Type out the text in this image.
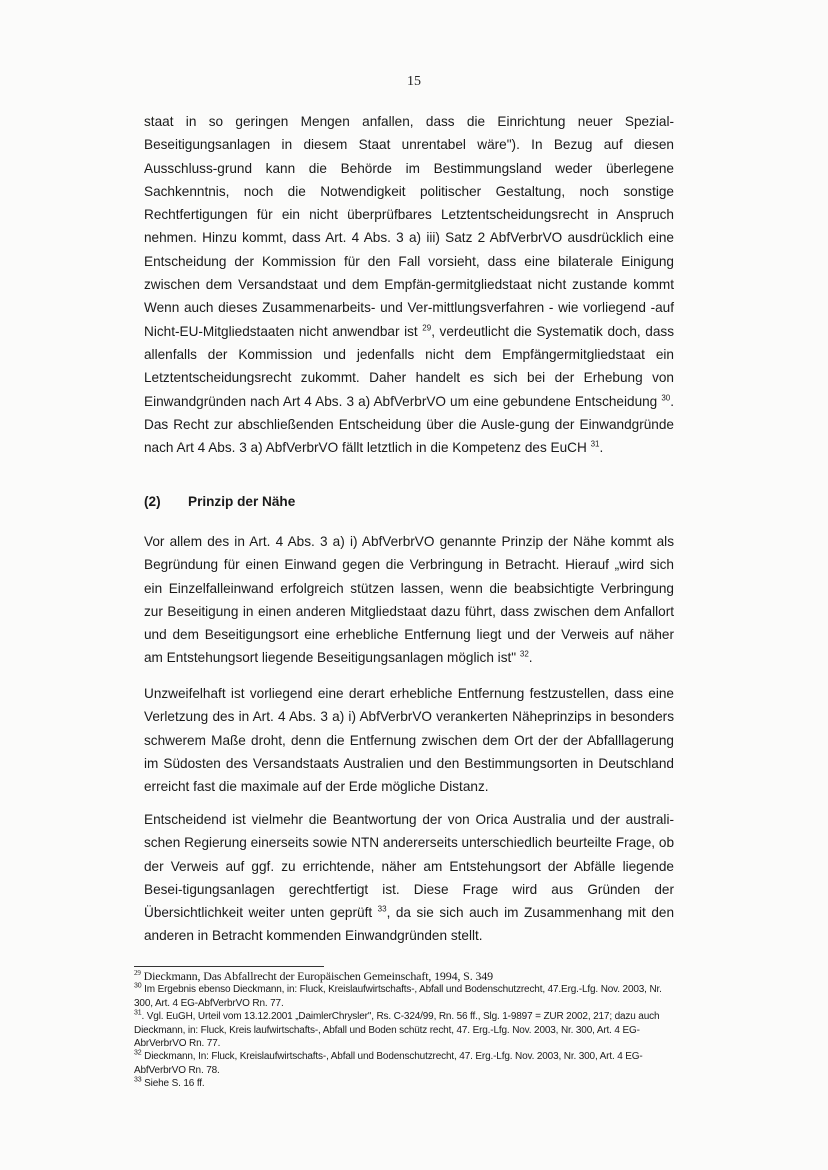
15

staat in so geringen Mengen anfallen, dass die Einrichtung neuer Spezial-Beseitigungsanlagen in diesem Staat unrentabel wäre"). In Bezug auf diesen Ausschluss-grund kann die Behörde im Bestimmungsland weder überlegene Sachkenntnis, noch die Notwendigkeit politischer Gestaltung, noch sonstige Rechtfertigungen für ein nicht überprüfbares Letztentscheidungsrecht in Anspruch nehmen. Hinzu kommt, dass Art. 4 Abs. 3 a) iii) Satz 2 AbfVerbrVO ausdrücklich eine Entscheidung der Kommission für den Fall vorsieht, dass eine bilaterale Einigung zwischen dem Versandstaat und dem Empfän-germitgliedstaat nicht zustande kommt Wenn auch dieses Zusammenarbeits- und Ver-mittlungsverfahren - wie vorliegend -auf Nicht-EU-Mitgliedstaaten nicht anwendbar ist $^{29}$, verdeutlicht die Systematik doch, dass allenfalls der Kommission und jedenfalls nicht dem Empfängermitgliedstaat ein Letztentscheidungsrecht zukommt. Daher handelt es sich bei der Erhebung von Einwandgründen nach Art 4 Abs. 3 a) AbfVerbrVO um eine gebundene Entscheidung $^{30}$. Das Recht zur abschließenden Entscheidung über die Ausle-gung der Einwandgründe nach Art 4 Abs. 3 a) AbfVerbrVO fällt letztlich in die Kompetenz des EuCH $^{31}$.

(2) Prinzip der Nähe

Vor allem des in Art. 4 Abs. 3 a) i) AbfVerbrVO genannte Prinzip der Nähe kommt als Begründung für einen Einwand gegen die Verbringung in Betracht. Hierauf „wird sich ein Einzelfalleinwand erfolgreich stützen lassen, wenn die beabsichtigte Verbringung zur Beseitigung in einen anderen Mitgliedstaat dazu führt, dass zwischen dem Anfallort und dem Beseitigungsort eine erhebliche Entfernung liegt und der Verweis auf näher am Entstehungsort liegende Beseitigungsanlagen möglich ist" $^{32}$.

Unzweifelhaft ist vorliegend eine derart erhebliche Entfernung festzustellen, dass eine Verletzung des in Art. 4 Abs. 3 a) i) AbfVerbrVO verankerten Näheprinzips in besonders schwerem Maße droht, denn die Entfernung zwischen dem Ort der der Abfalllagerung im Südosten des Versandstaats Australien und den Bestimmungsorten in Deutschland erreicht fast die maximale auf der Erde mögliche Distanz.

Entscheidend ist vielmehr die Beantwortung der von Orica Australia und der australi-schen Regierung einerseits sowie NTN andererseits unterschiedlich beurteilte Frage, ob der Verweis auf ggf. zu errichtende, näher am Entstehungsort der Abfälle liegende Besei-tigungsanlagen gerechtfertigt ist. Diese Frage wird aus Gründen der Übersichtlichkeit weiter unten geprüft $^{33}$, da sie sich auch im Zusammenhang mit den anderen in Betracht kommenden Einwandgründen stellt.

$^{29}$ Dieckmann, Das Abfallrecht der Europäischen Gemeinschaft, 1994, S. 349

$^{30}$ Im Ergebnis ebenso Dieckmann, in: Fluck, Kreislaufwirtschafts-, Abfall und Bodenschutzrecht, 47.Erg.-Lfg. Nov. 2003, Nr. 300, Art. 4 EG-AbfVerbrVO Rn. 77.

$^{31}$. Vgl. EuGH, Urteil vom 13.12.2001 „DaimlerChrysler", Rs. C-324/99, Rn. 56 ff., Slg. 1-9897 = ZUR 2002, 217; dazu auch Dieckmann, in: Fluck, Kreis laufwirtschafts-, Abfall und Boden schütz recht, 47. Erg.-Lfg. Nov. 2003, Nr. 300, Art. 4 EG-AbrVerbrVO Rn. 77.

$^{32}$ Dieckmann, In: Fluck, Kreislaufwirtschafts-, Abfall und Bodenschutzrecht, 47. Erg.-Lfg. Nov. 2003, Nr. 300, Art. 4 EG-AbfVerbrVO Rn. 78.

$^{33}$ Siehe S. 16 ff.
